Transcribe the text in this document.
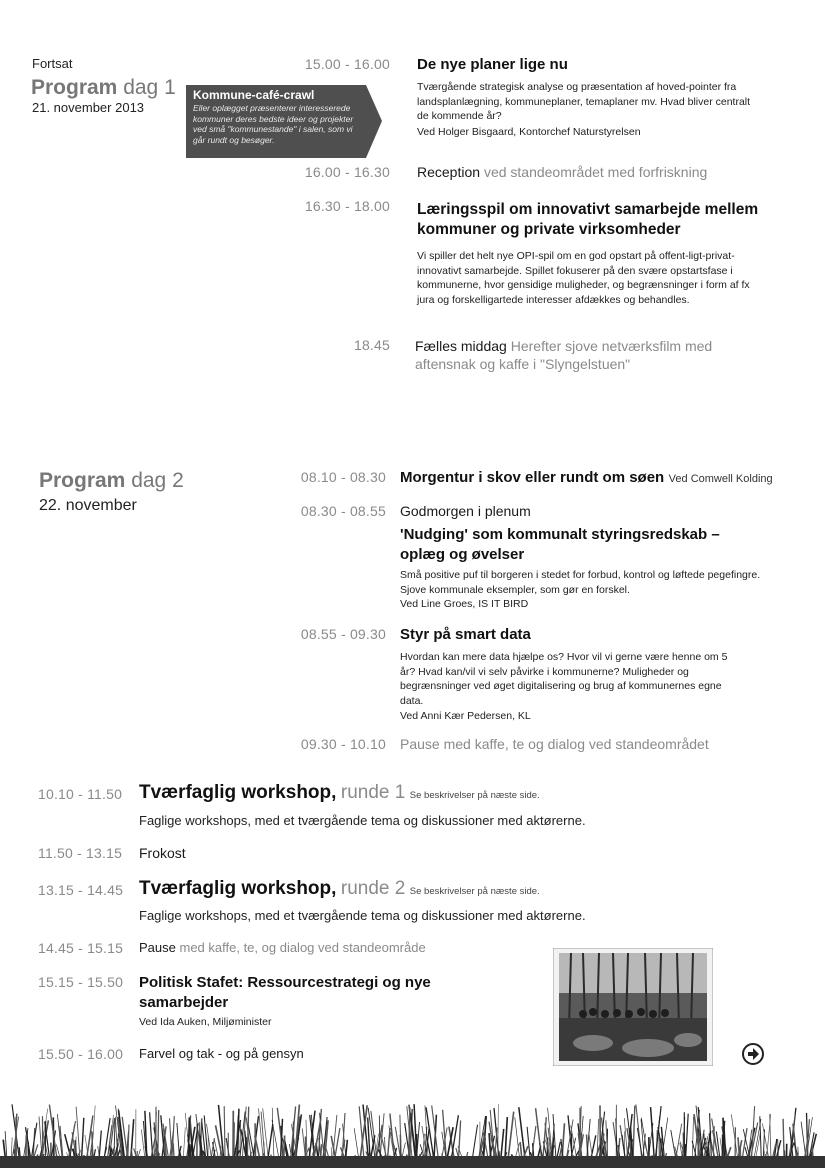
Fortsat
Program dag 1
21. november 2013
Kommune-café-crawl
Eller oplægget præsenterer interesserede kommuner deres bedste ideer og projekter ved små "kommunestande" i salen, som vi går rundt og besøger.
15.00 - 16.00 De nye planer lige nu
Tværgående strategisk analyse og præsentation af hoved-pointer fra landsplanlægning, kommuneplaner, temaplaner mv. Hvad bliver centralt de kommende år?
Ved Holger Bisgaard, Kontorchef Naturstyrelsen
16.00 - 16.30 Reception ved standeområdet med forfriskning
16.30 - 18.00 Læringsspil om innovativt samarbejde mellem kommuner og private virksomheder
Vi spiller det helt nye OPI-spil om en god opstart på offent-ligt-privat-innovativt samarbejde. Spillet fokuserer på den svære opstartsfase i kommunerne, hvor gensidige muligheder, og begrænsninger i form af fx jura og forskelligartede interesser afdækkes og behandles.
18.45 Fælles middag Herefter sjove netværksfilm med aftensnak og kaffe i "Slyngelstuen"
Program dag 2
22. november
08.10 - 08.30 Morgentur i skov eller rundt om søen Ved Comwell Kolding
08.30 - 08.55 Godmorgen i plenum
'Nudging' som kommunalt styringsredskab – oplæg og øvelser
Små positive puf til borgeren i stedet for forbud, kontrol og løftede pegefingre. Sjove kommunale eksempler, som gør en forskel.
Ved Line Groes, IS IT BIRD
08.55 - 09.30 Styr på smart data
Hvordan kan mere data hjælpe os? Hvor vil vi gerne være henne om 5 år? Hvad kan/vil vi selv påvirke i kommunerne? Muligheder og begrænsninger ved øget digitalisering og brug af kommunernes egne data.
Ved Anni Kær Pedersen, KL
09.30 - 10.10 Pause med kaffe, te og dialog ved standeområdet
10.10 - 11.50 Tværfaglig workshop, runde 1 Se beskrivelser på næste side.
Faglige workshops, med et tværgående tema og diskussioner med aktørerne.
11.50 - 13.15 Frokost
13.15 - 14.45 Tværfaglig workshop, runde 2 Se beskrivelser på næste side.
Faglige workshops, med et tværgående tema og diskussioner med aktørerne.
14.45 - 15.15 Pause med kaffe, te, og dialog ved standeområde
15.15 - 15.50 Politisk Stafet: Ressourcestrategi og nye samarbejder
Ved Ida Auken, Miljøminister
15.50 - 16.00 Farvel og tak - og på gensyn
